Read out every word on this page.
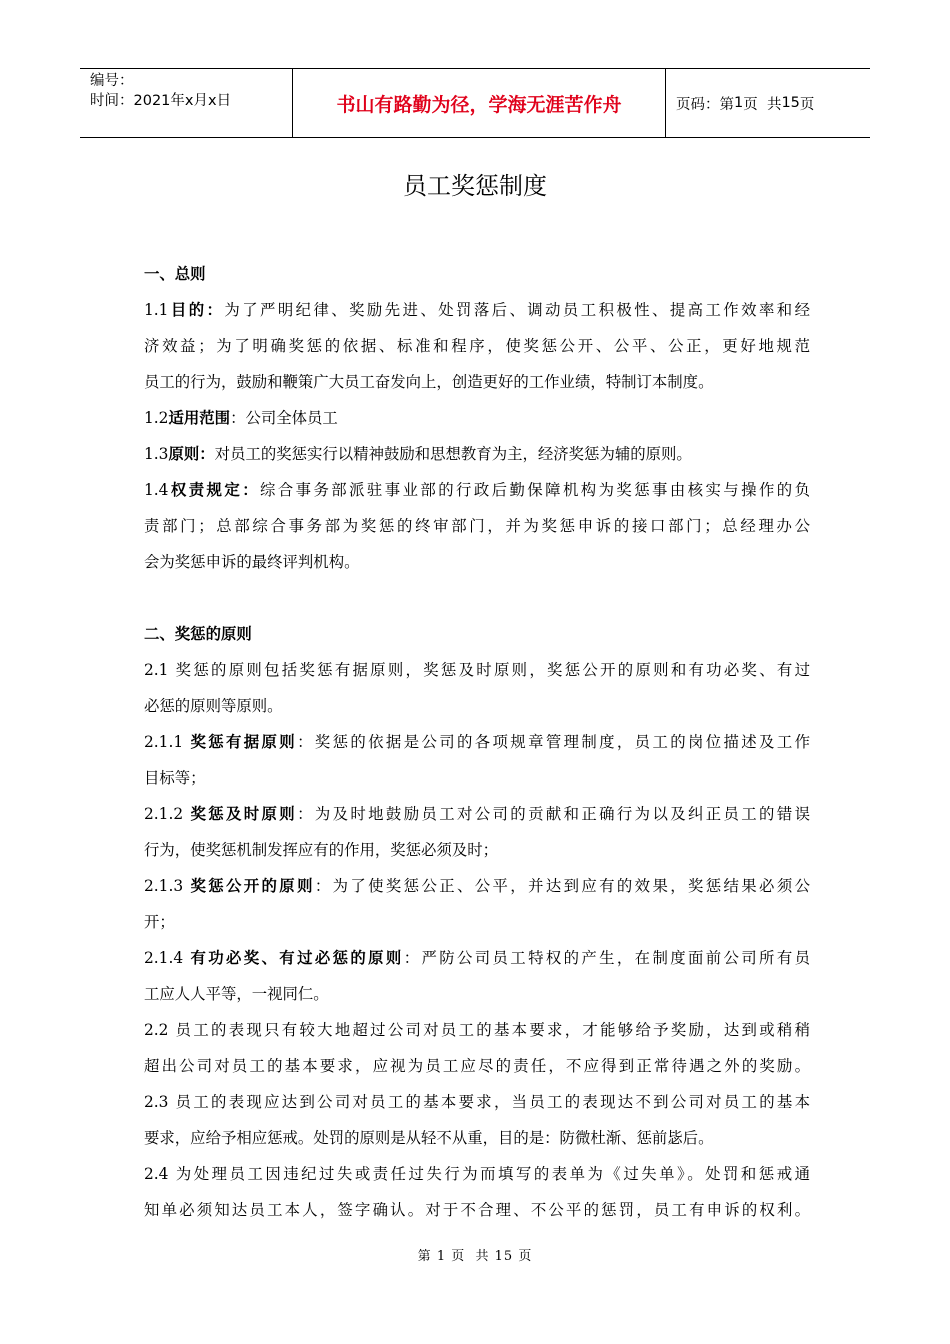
编号：
时间：2021年x月x日	书山有路勤为径，学海无涯苦作舟	页码：第 1 页  共 15 页
员工奖惩制度
一、总则
1.1目的：为了严明纪律、奖励先进、处罚落后、调动员工积极性、提高工作效率和经
济效益；为了明确奖惩的依据、标准和程序，使奖惩公开、公平、公正，更好地规范
员工的行为，鼓励和鞭策广大员工奋发向上，创造更好的工作业绩，特制订本制度。
1.2适用范围：公司全体员工
1.3原则：对员工的奖惩实行以精神鼓励和思想教育为主，经济奖惩为辅的原则。
1.4权责规定：综合事务部派驻事业部的行政后勤保障机构为奖惩事由核实与操作的负
责部门；总部综合事务部为奖惩的终审部门，并为奖惩申诉的接口部门；总经理办公
会为奖惩申诉的最终评判机构。
二、奖惩的原则
2.1 奖惩的原则包括奖惩有据原则，奖惩及时原则，奖惩公开的原则和有功必奖、有过
必惩的原则等原则。
2.1.1 奖惩有据原则：奖惩的依据是公司的各项规章管理制度，员工的岗位描述及工作
目标等；
2.1.2 奖惩及时原则：为及时地鼓励员工对公司的贡献和正确行为以及纠正员工的错误
行为，使奖惩机制发挥应有的作用，奖惩必须及时；
2.1.3 奖惩公开的原则：为了使奖惩公正、公平，并达到应有的效果，奖惩结果必须公
开；
2.1.4 有功必奖、有过必惩的原则：严防公司员工特权的产生，在制度面前公司所有员
工应人人平等，一视同仁。
2.2 员工的表现只有较大地超过公司对员工的基本要求，才能够给予奖励，达到或稍稍
超出公司对员工的基本要求，应视为员工应尽的责任，不应得到正常待遇之外的奖励。
2.3 员工的表现应达到公司对员工的基本要求，当员工的表现达不到公司对员工的基本
要求，应给予相应惩戒。处罚的原则是从轻不从重，目的是：防微杜渐、惩前毖后。
2.4 为处理员工因违纪过失或责任过失行为而填写的表单为《过失单》。处罚和惩戒通
知单必须知达员工本人，签字确认。对于不合理、不公平的惩罚，员工有申诉的权利。
第 1 页  共 15 页
